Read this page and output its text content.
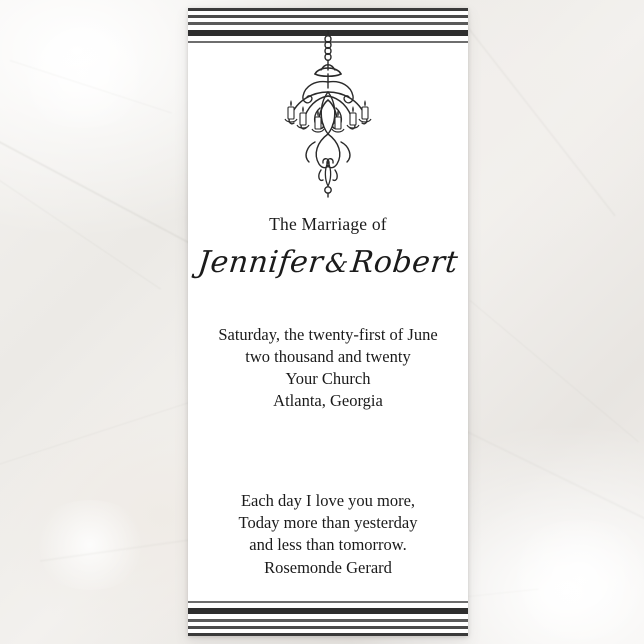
The Marriage of
Jennifer&Robert
Saturday, the twenty-first of June
two thousand and twenty
Your Church
Atlanta, Georgia
Each day I love you more,
Today more than yesterday
and less than tomorrow.
Rosemonde Gerard
